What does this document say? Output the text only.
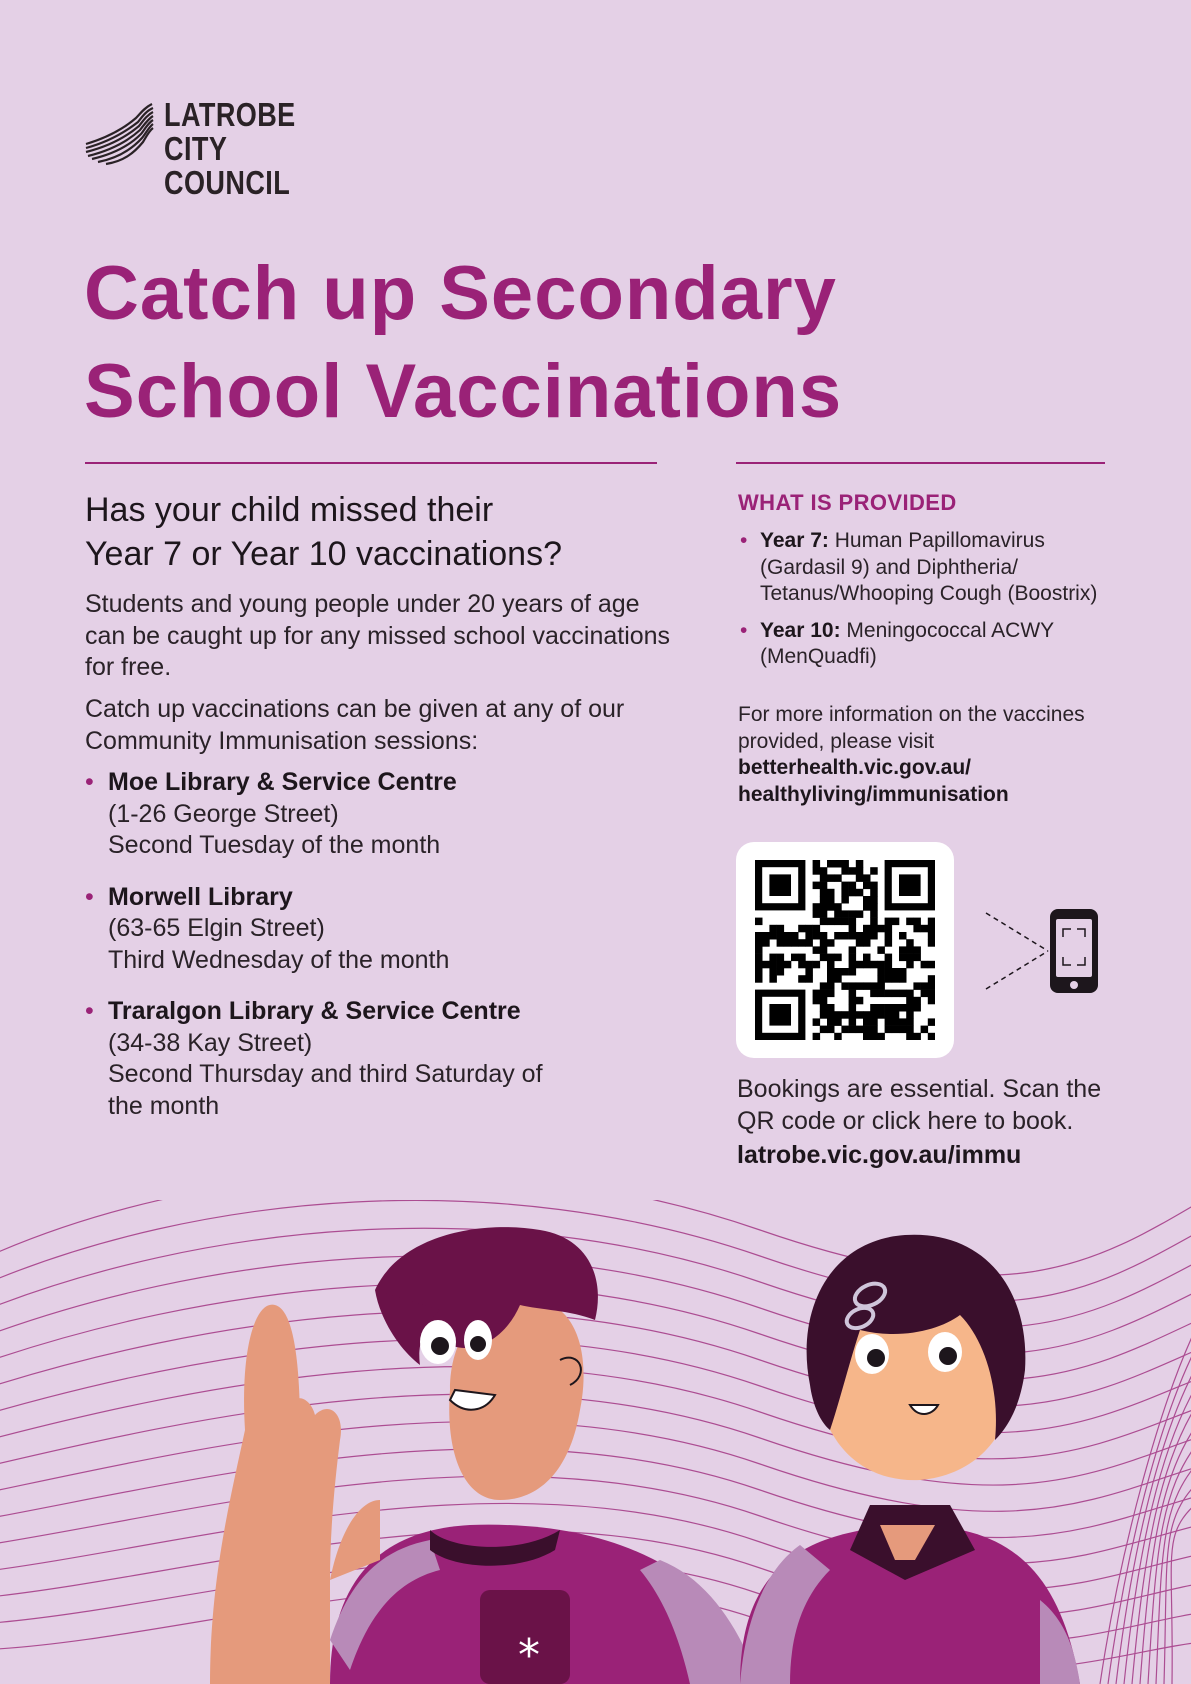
LATROBE CITY
COUNCIL
Catch up Secondary
School Vaccinations
Has your child missed their
Year 7 or Year 10 vaccinations?
Students and young people under 20 years of age can be caught up for any missed school vaccinations for free.
Catch up vaccinations can be given at any of our Community Immunisation sessions:
• Moe Library & Service Centre
(1-26 George Street)
Second Tuesday of the month
• Morwell Library
(63-65 Elgin Street)
Third Wednesday of the month
• Traralgon Library & Service Centre
(34-38 Kay Street)
Second Thursday and third Saturday of the month
WHAT IS PROVIDED
• Year 7: Human Papillomavirus (Gardasil 9) and Diphtheria/ Tetanus/Whooping Cough (Boostrix)
• Year 10: Meningococcal ACWY (MenQuadfi)
For more information on the vaccines provided, please visit betterhealth.vic.gov.au/ healthyliving/immunisation
Bookings are essential. Scan the QR code or click here to book.
latrobe.vic.gov.au/immu
*
